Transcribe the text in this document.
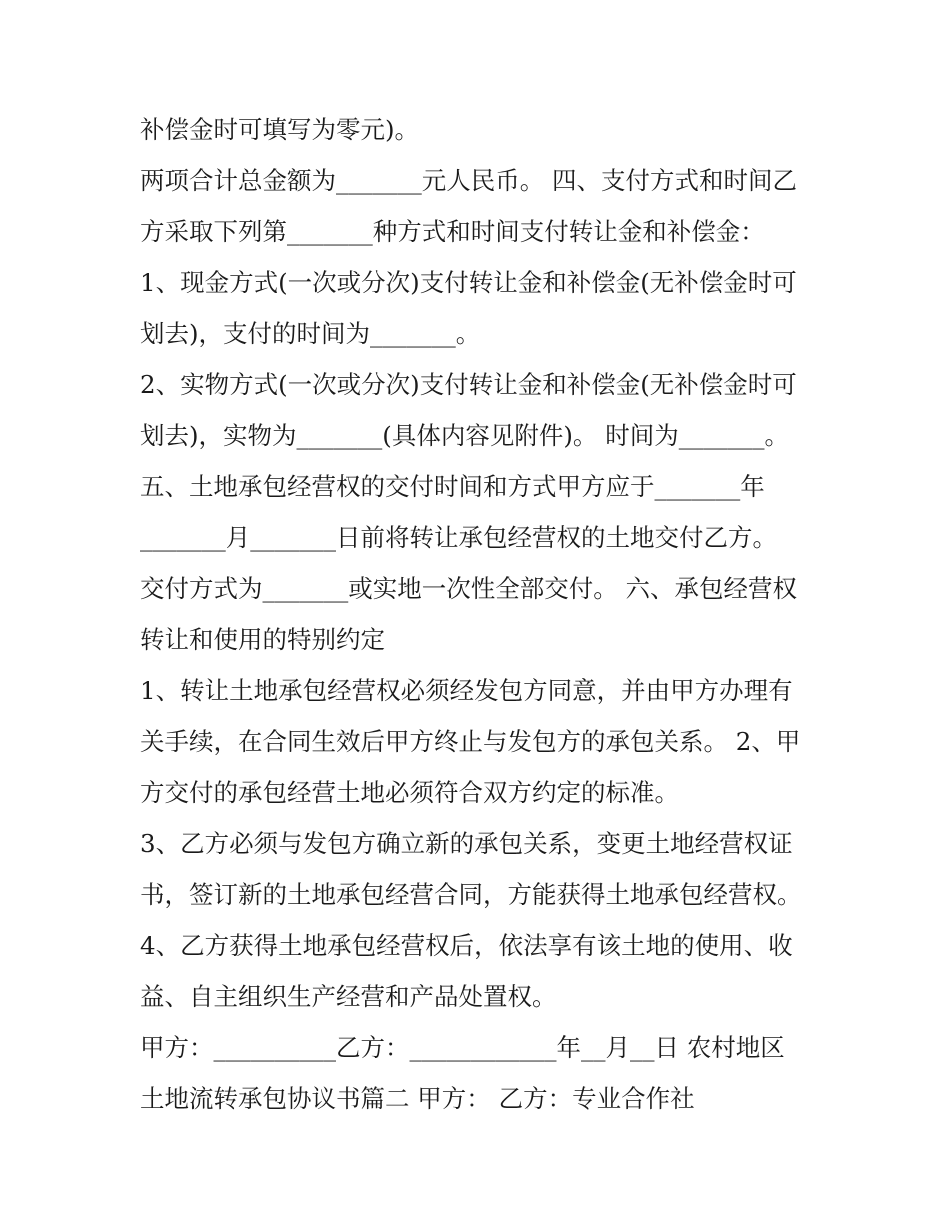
补偿金时可填写为零元)。
两项合计总金额为_______元人民币。 四、支付方式和时间乙
方采取下列第_______种方式和时间支付转让金和补偿金：
1、现金方式(一次或分次)支付转让金和补偿金(无补偿金时可
划去)，支付的时间为_______。
2、实物方式(一次或分次)支付转让金和补偿金(无补偿金时可
划去)，实物为_______(具体内容见附件)。 时间为_______。
五、土地承包经营权的交付时间和方式甲方应于_______年
_______月_______日前将转让承包经营权的土地交付乙方。
交付方式为_______或实地一次性全部交付。 六、承包经营权
转让和使用的特别约定
1、转让土地承包经营权必须经发包方同意，并由甲方办理有
关手续，在合同生效后甲方终止与发包方的承包关系。 2、甲
方交付的承包经营土地必须符合双方约定的标准。
3、乙方必须与发包方确立新的承包关系，变更土地经营权证
书，签订新的土地承包经营合同，方能获得土地承包经营权。
4、乙方获得土地承包经营权后，依法享有该土地的使用、收
益、自主组织生产经营和产品处置权。
甲方：__________乙方：____________年__月__日 农村地区
土地流转承包协议书篇二 甲方： 乙方：专业合作社
